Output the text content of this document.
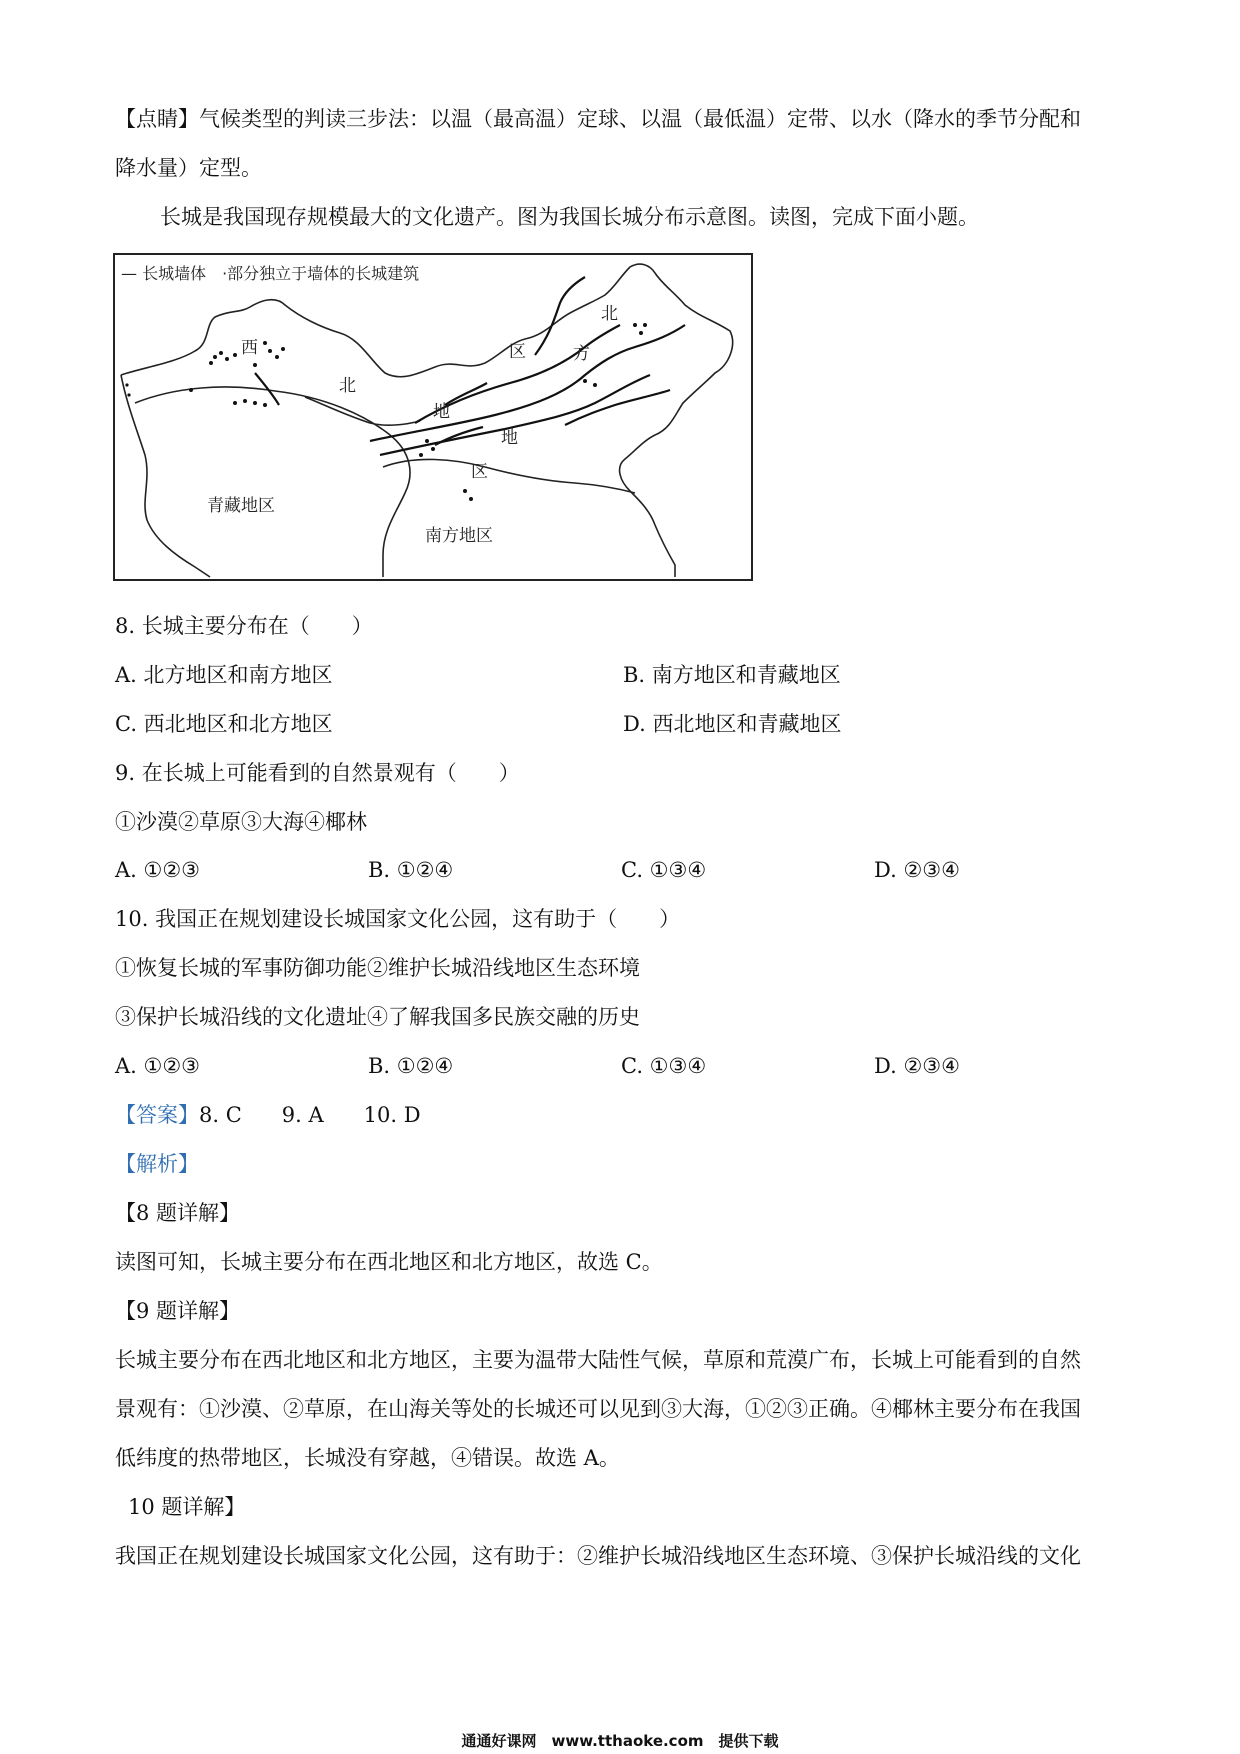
【点睛】气候类型的判读三步法：以温（最高温）定球、以温（最低温）定带、以水（降水的季节分配和
降水量）定型。
长城是我国现存规模最大的文化遗产。图为我国长城分布示意图。读图，完成下面小题。
— 长城墙体　·部分独立于墙体的长城建筑
西
北
区
北
方
地
地
区
青藏地区
南方地区
8. 长城主要分布在（　　）
A. 北方地区和南方地区	B. 南方地区和青藏地区
C. 西北地区和北方地区	D. 西北地区和青藏地区
9. 在长城上可能看到的自然景观有（　　）
①沙漠②草原③大海④椰林
A. ①②③	B. ①②④	C. ①③④	D. ②③④
10. 我国正在规划建设长城国家文化公园，这有助于（　　）
①恢复长城的军事防御功能②维护长城沿线地区生态环境
③保护长城沿线的文化遗址④了解我国多民族交融的历史
A. ①②③	B. ①②④	C. ①③④	D. ②③④
【答案】8. C 9. A 10. D
【解析】
【8 题详解】
读图可知，长城主要分布在西北地区和北方地区，故选 C。
【9 题详解】
长城主要分布在西北地区和北方地区，主要为温带大陆性气候，草原和荒漠广布，长城上可能看到的自然
景观有：①沙漠、②草原，在山海关等处的长城还可以见到③大海，①②③正确。④椰林主要分布在我国
低纬度的热带地区，长城没有穿越，④错误。故选 A。
10 题详解】
我国正在规划建设长城国家文化公园，这有助于：②维护长城沿线地区生态环境、③保护长城沿线的文化
通通好课网　www.tthaoke.com　提供下载
